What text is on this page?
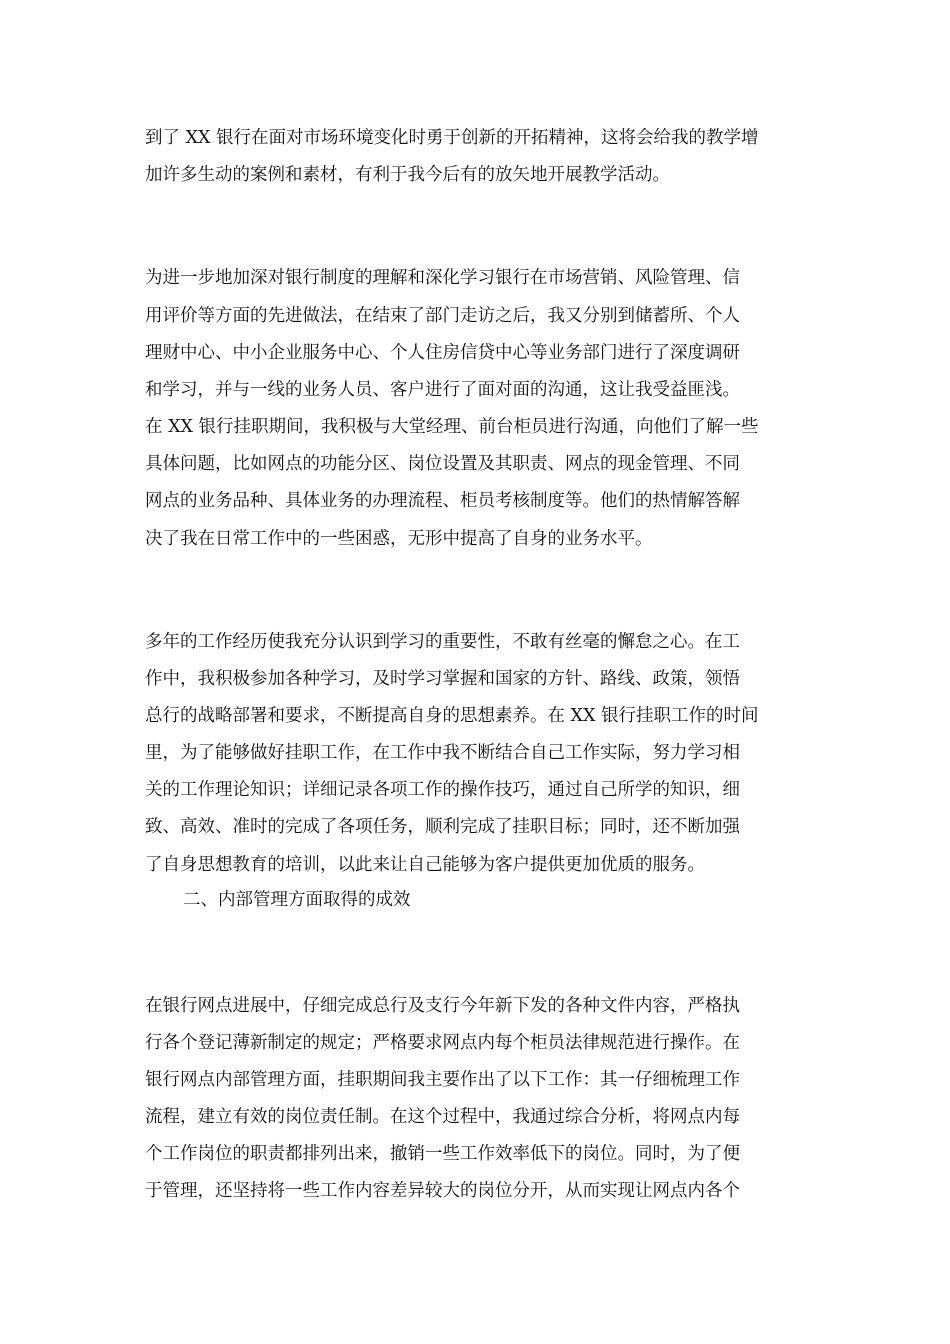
到了 XX 银行在面对市场环境变化时勇于创新的开拓精神，这将会给我的教学增
加许多生动的案例和素材，有利于我今后有的放矢地开展教学活动。
为进一步地加深对银行制度的理解和深化学习银行在市场营销、风险管理、信
用评价等方面的先进做法，在结束了部门走访之后，我又分别到储蓄所、个人
理财中心、中小企业服务中心、个人住房信贷中心等业务部门进行了深度调研
和学习，并与一线的业务人员、客户进行了面对面的沟通，这让我受益匪浅。
在 XX 银行挂职期间，我积极与大堂经理、前台柜员进行沟通，向他们了解一些
具体问题，比如网点的功能分区、岗位设置及其职责、网点的现金管理、不同
网点的业务品种、具体业务的办理流程、柜员考核制度等。他们的热情解答解
决了我在日常工作中的一些困惑，无形中提高了自身的业务水平。
多年的工作经历使我充分认识到学习的重要性，不敢有丝毫的懈怠之心。在工
作中，我积极参加各种学习，及时学习掌握和国家的方针、路线、政策，领悟
总行的战略部署和要求，不断提高自身的思想素养。在 XX 银行挂职工作的时间
里，为了能够做好挂职工作，在工作中我不断结合自己工作实际，努力学习相
关的工作理论知识；详细记录各项工作的操作技巧，通过自己所学的知识，细
致、高效、准时的完成了各项任务，顺利完成了挂职目标；同时，还不断加强
了自身思想教育的培训，以此来让自己能够为客户提供更加优质的服务。
二、内部管理方面取得的成效
在银行网点进展中，仔细完成总行及支行今年新下发的各种文件内容，严格执
行各个登记薄新制定的规定；严格要求网点内每个柜员法律规范进行操作。在
银行网点内部管理方面，挂职期间我主要作出了以下工作：其一仔细梳理工作
流程，建立有效的岗位责任制。在这个过程中，我通过综合分析，将网点内每
个工作岗位的职责都排列出来，撤销一些工作效率低下的岗位。同时，为了便
于管理，还坚持将一些工作内容差异较大的岗位分开，从而实现让网点内各个
